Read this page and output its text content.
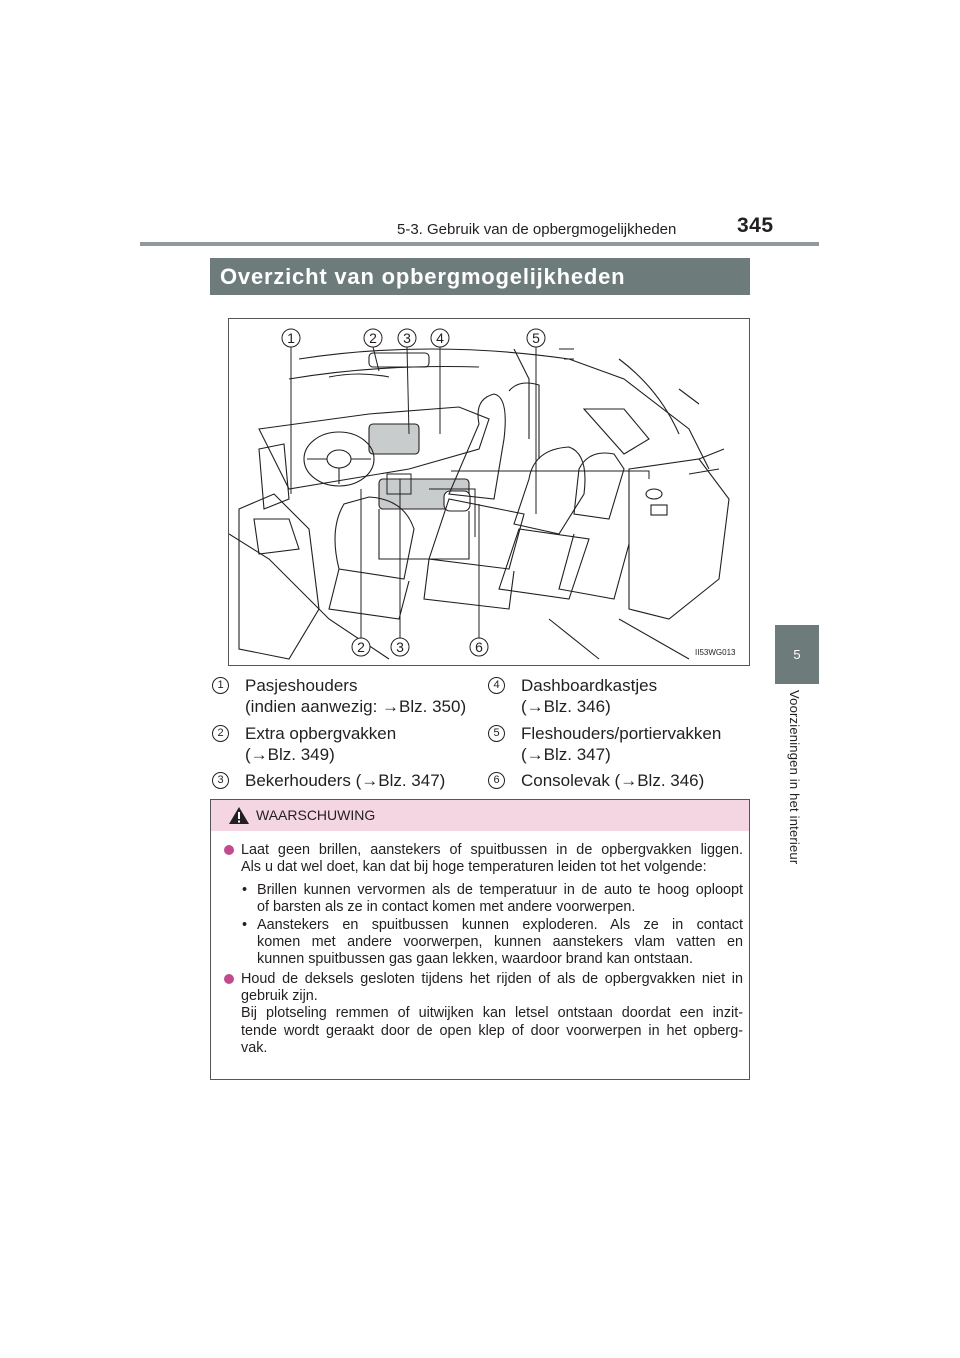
5-3. Gebruik van de opbergmogelijkheden	345
5
Voorzieningen in het interieur
Overzicht van opbergmogelijkheden
1	2 3 4	5
2 3	6	II53WG013
1	Pasjeshouders
(indien aanwezig: →Blz. 350)
2	Extra opbergvakken
(→Blz. 349)
3	Bekerhouders (→Blz. 347)
4	Dashboardkastjes
(→Blz. 346)
5	Fleshouders/portiervakken
(→Blz. 347)
6	Consolevak (→Blz. 346)
WAARSCHUWING
Laat geen brillen, aanstekers of spuitbussen in de opbergvakken liggen.
Als u dat wel doet, kan dat bij hoge temperaturen leiden tot het volgende:
• Brillen kunnen vervormen als de temperatuur in de auto te hoog oploopt
of barsten als ze in contact komen met andere voorwerpen.
• Aanstekers en spuitbussen kunnen exploderen. Als ze in contact
komen met andere voorwerpen, kunnen aanstekers vlam vatten en
kunnen spuitbussen gas gaan lekken, waardoor brand kan ontstaan.
Houd de deksels gesloten tijdens het rijden of als de opbergvakken niet in
gebruik zijn.
Bij plotseling remmen of uitwijken kan letsel ontstaan doordat een inzit-
tende wordt geraakt door de open klep of door voorwerpen in het opberg-
vak.
